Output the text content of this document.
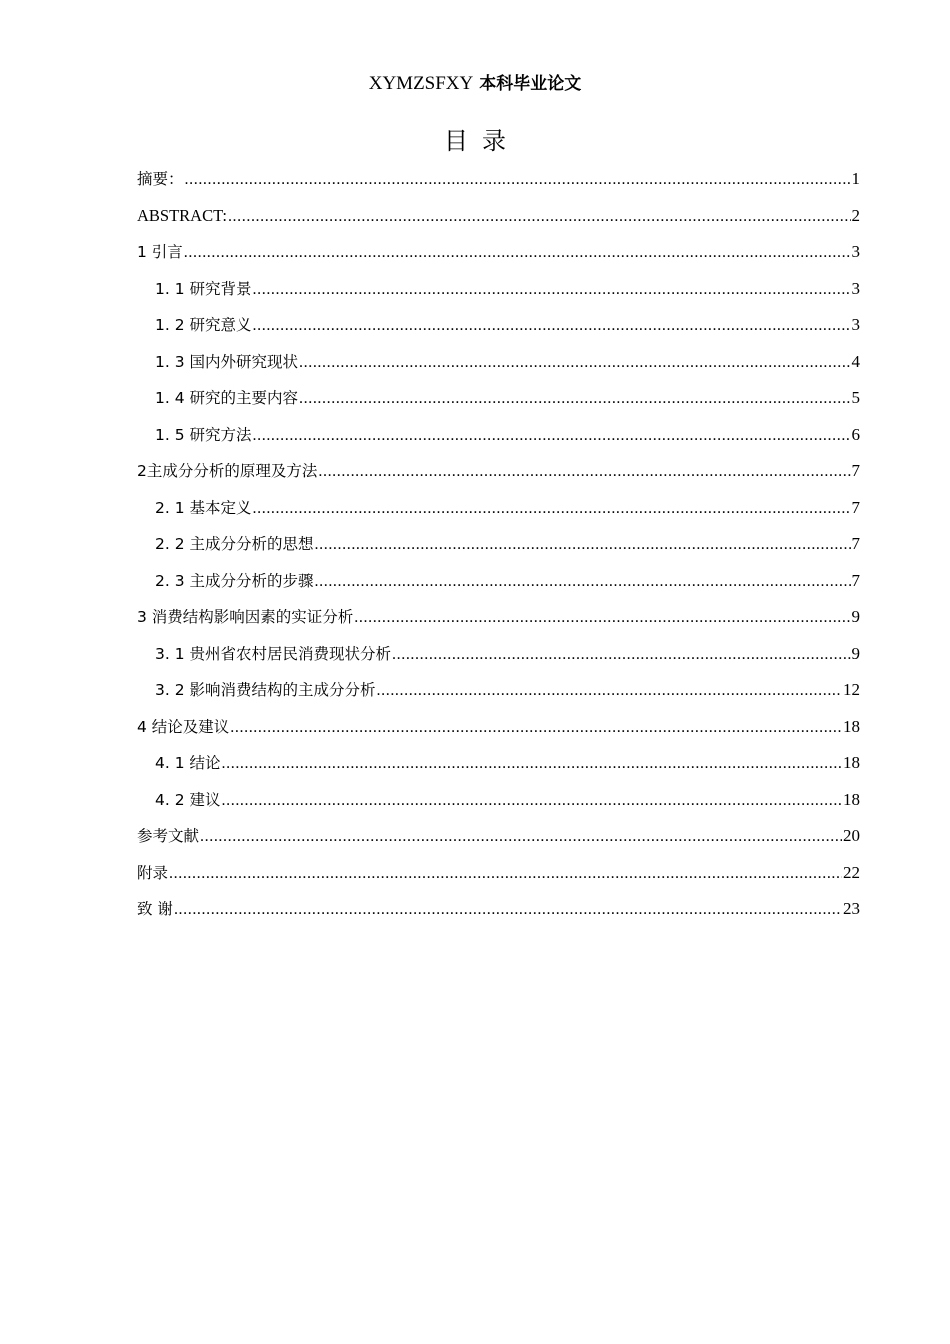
XYMZSFXY 本科毕业论文
目录
摘要： .....	1
ABSTRACT: .....	2
1 引言 .....	3
1. 1 研究背景 .....	3
1. 2 研究意义 .....	3
1. 3 国内外研究现状 .....	4
1. 4 研究的主要内容 .....	5
1. 5 研究方法 .....	6
2主成分分析的原理及方法 .....	7
2. 1 基本定义 .....	7
2. 2 主成分分析的思想 .....	7
2. 3 主成分分析的步骤 .....	7
3 消费结构影响因素的实证分析 .....	9
3. 1 贵州省农村居民消费现状分析 .....	9
3. 2 影响消费结构的主成分分析 .....	12
4 结论及建议 .....	18
4. 1 结论 .....	18
4. 2 建议 .....	18
参考文献 .....	20
附录 .....	22
致 谢 .....	23
